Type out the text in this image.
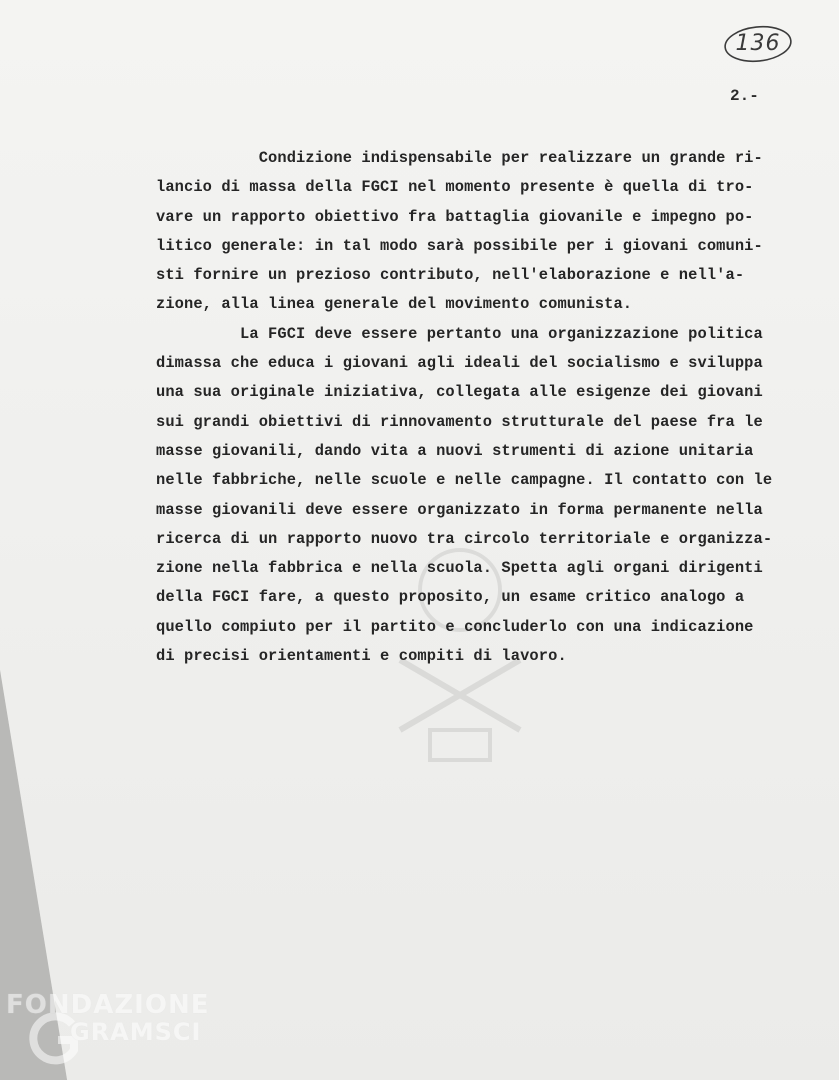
136
2.-
Condizione indispensabile per realizzare un grande ri-
lancio di massa della FGCI nel momento presente è quella di tro-
vare un rapporto obiettivo fra battaglia giovanile e impegno po-
litico generale: in tal modo sarà possibile per i giovani comuni-
sti fornire un prezioso contributo, nell'elaborazione e nell'a-
zione, alla linea generale del movimento comunista.
La FGCI deve essere pertanto una organizzazione politica
dimassa che educa i giovani agli ideali del socialismo e sviluppa
una sua originale iniziativa, collegata alle esigenze dei giovani
sui grandi obiettivi di rinnovamento strutturale del paese fra le
masse giovanili, dando vita a nuovi strumenti di azione unitaria
nelle fabbriche, nelle scuole e nelle campagne. Il contatto con le
masse giovanili deve essere organizzato in forma permanente nella
ricerca di un rapporto nuovo tra circolo territoriale e organizza-
zione nella fabbrica e nella scuola. Spetta agli organi dirigenti
della FGCI fare, a questo proposito, un esame critico analogo a
quello compiuto per il partito e concluderlo con una indicazione
di precisi orientamenti e compiti di lavoro.
FONDAZIONE
GRAMSCI
